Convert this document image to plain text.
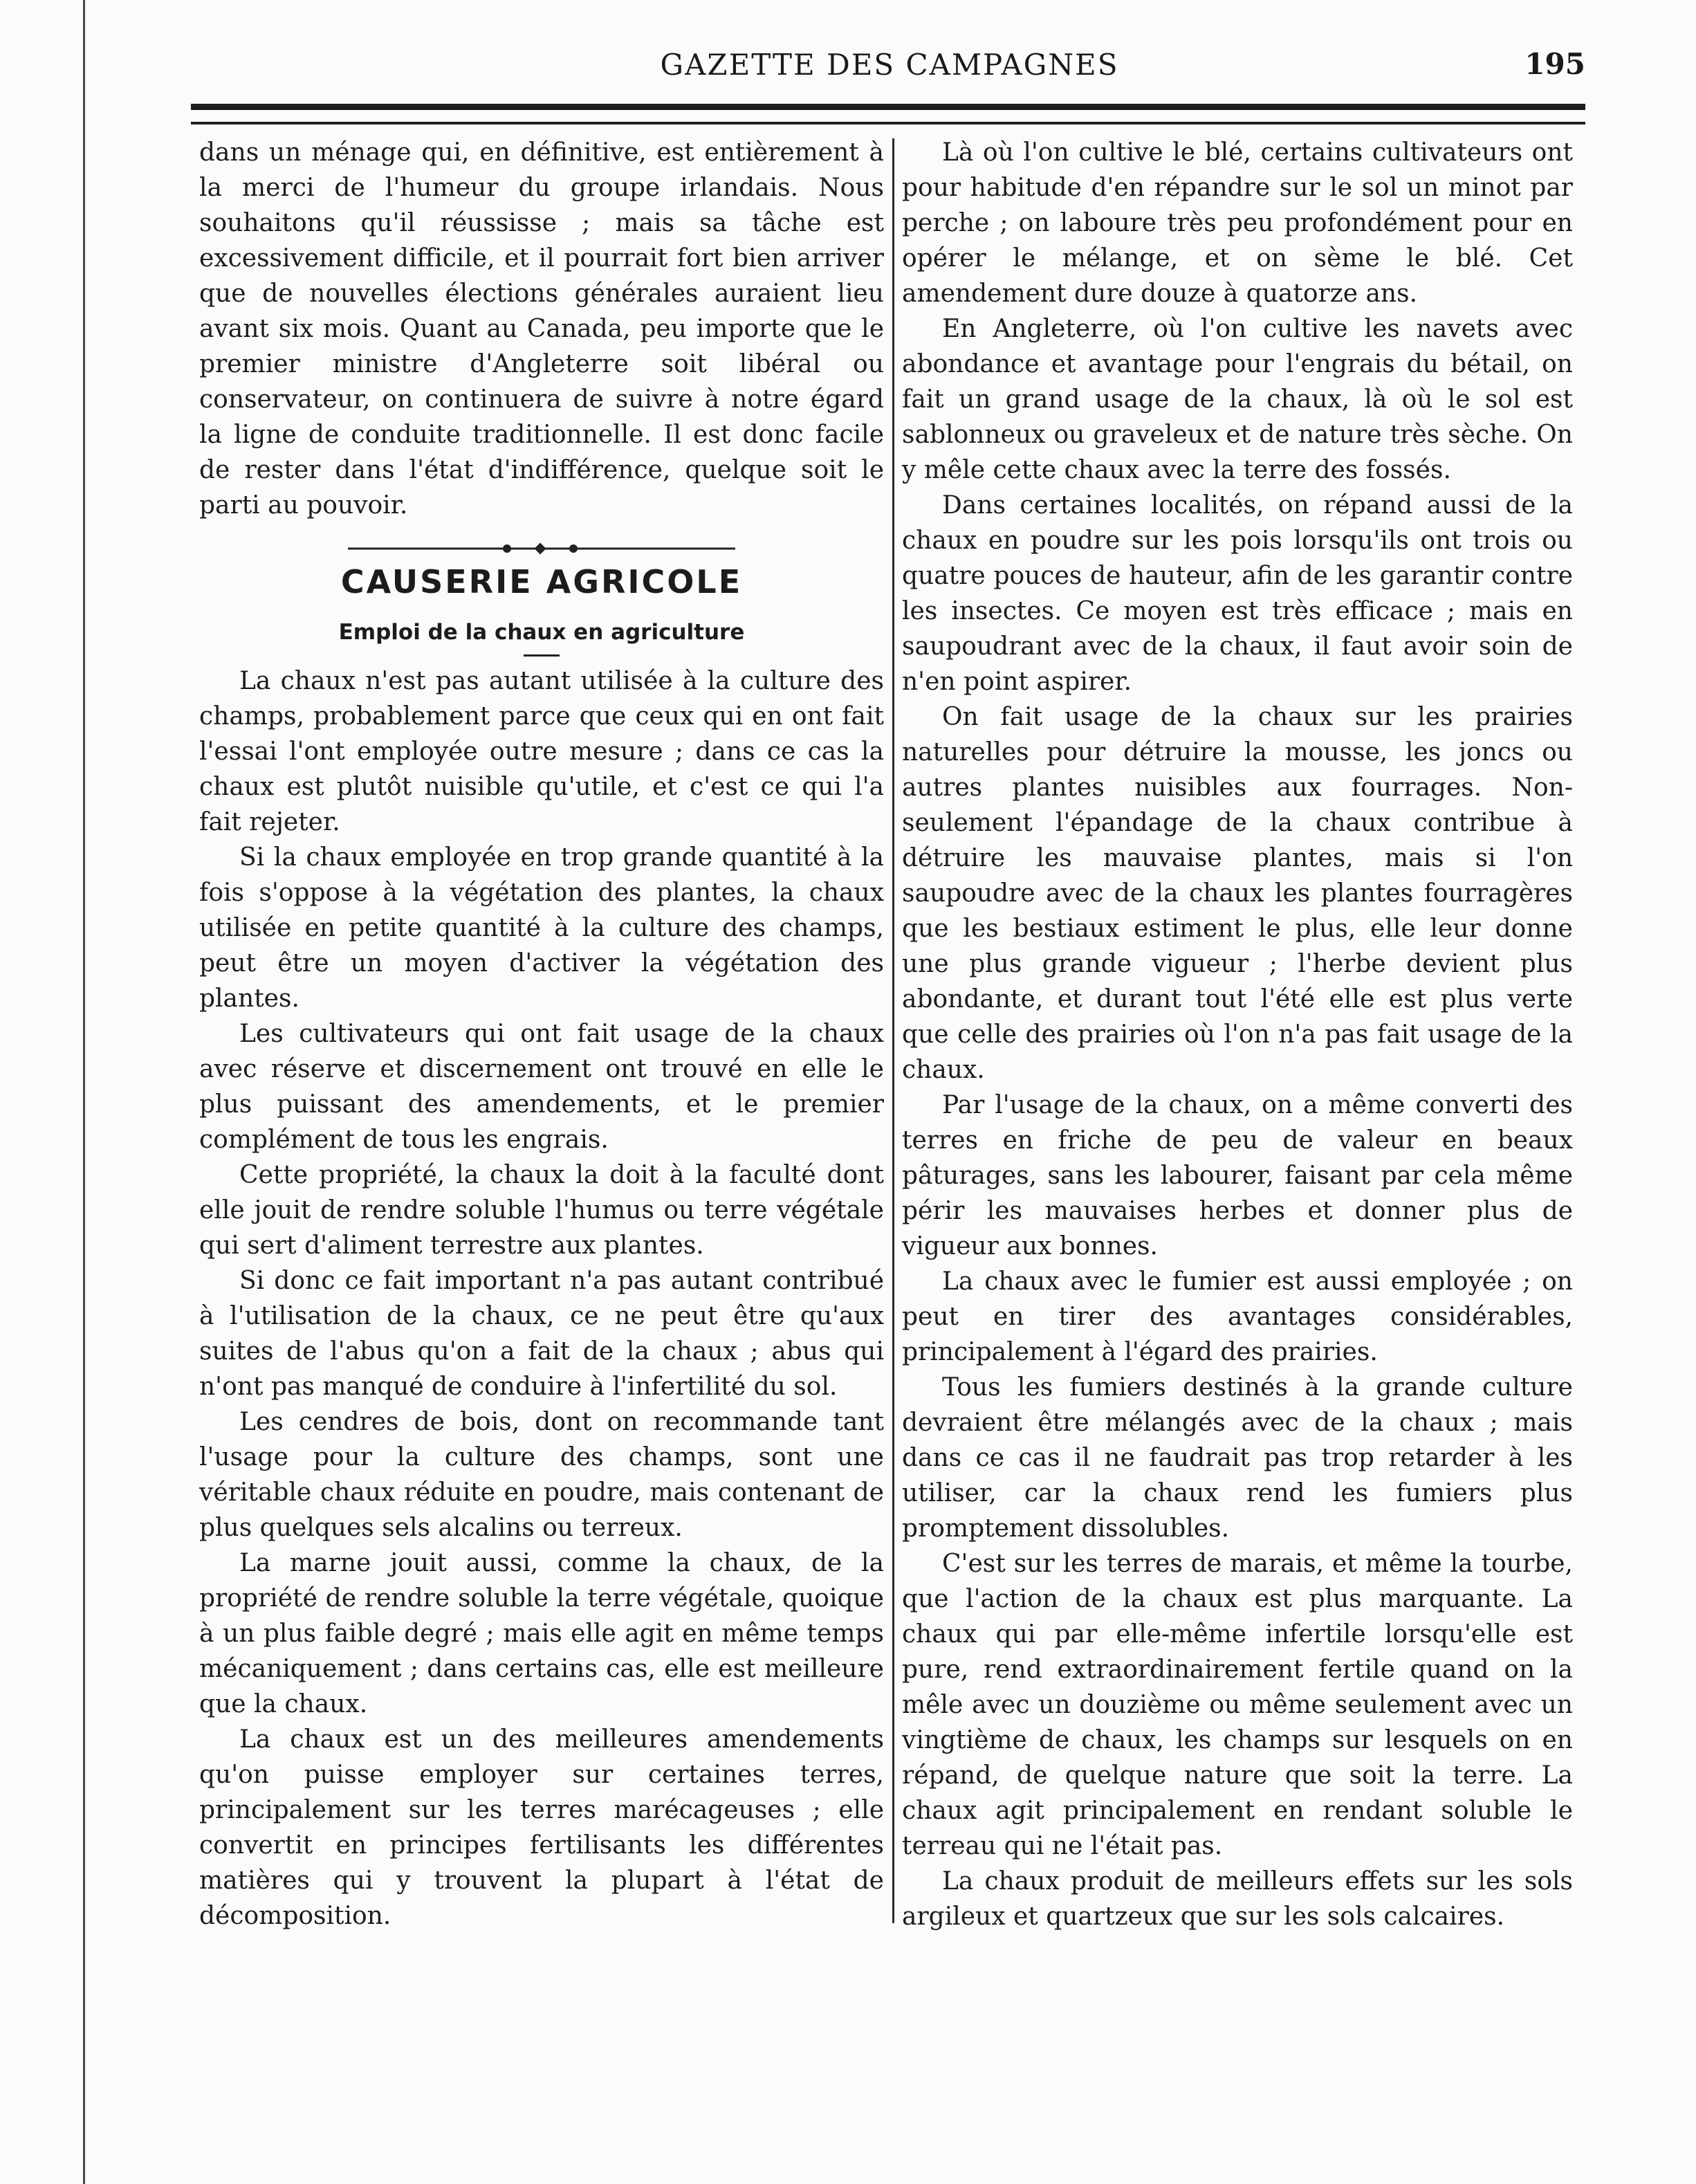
GAZETTE DES CAMPAGNES	195

dans un ménage qui, en définitive, est entièrement à la merci de l'humeur du groupe irlandais. Nous souhaitons qu'il réussisse ; mais sa tâche est excessivement difficile, et il pourrait fort bien arriver que de nouvelles élections générales auraient lieu avant six mois. Quant au Canada, peu importe que le premier ministre d'Angleterre soit libéral ou conservateur, on continuera de suivre à notre égard la ligne de conduite traditionnelle. Il est donc facile de rester dans l'état d'indifférence, quelque soit le parti au pouvoir.

CAUSERIE AGRICOLE
Emploi de la chaux en agriculture

La chaux n'est pas autant utilisée à la culture des champs, probablement parce que ceux qui en ont fait l'essai l'ont employée outre mesure ; dans ce cas la chaux est plutôt nuisible qu'utile, et c'est ce qui l'a fait rejeter.

Si la chaux employée en trop grande quantité à la fois s'oppose à la végétation des plantes, la chaux utilisée en petite quantité à la culture des champs, peut être un moyen d'activer la végétation des plantes.

Les cultivateurs qui ont fait usage de la chaux avec réserve et discernement ont trouvé en elle le plus puissant des amendements, et le premier complément de tous les engrais.

Cette propriété, la chaux la doit à la faculté dont elle jouit de rendre soluble l'humus ou terre végétale qui sert d'aliment terrestre aux plantes.

Si donc ce fait important n'a pas autant contribué à l'utilisation de la chaux, ce ne peut être qu'aux suites de l'abus qu'on a fait de la chaux ; abus qui n'ont pas manqué de conduire à l'infertilité du sol.

Les cendres de bois, dont on recommande tant l'usage pour la culture des champs, sont une véritable chaux réduite en poudre, mais contenant de plus quelques sels alcalins ou terreux.

La marne jouit aussi, comme la chaux, de la propriété de rendre soluble la terre végétale, quoique à un plus faible degré ; mais elle agit en même temps mécaniquement ; dans certains cas, elle est meilleure que la chaux.

La chaux est un des meilleures amendements qu'on puisse employer sur certaines terres, principalement sur les terres marécageuses ; elle convertit en principes fertilisants les différentes matières qui y trouvent la plupart à l'état de décomposition.

Là où l'on cultive le blé, certains cultivateurs ont pour habitude d'en répandre sur le sol un minot par perche ; on laboure très peu profondément pour en opérer le mélange, et on sème le blé. Cet amendement dure douze à quatorze ans.

En Angleterre, où l'on cultive les navets avec abondance et avantage pour l'engrais du bétail, on fait un grand usage de la chaux, là où le sol est sablonneux ou graveleux et de nature très sèche. On y mêle cette chaux avec la terre des fossés.

Dans certaines localités, on répand aussi de la chaux en poudre sur les pois lorsqu'ils ont trois ou quatre pouces de hauteur, afin de les garantir contre les insectes. Ce moyen est très efficace ; mais en saupoudrant avec de la chaux, il faut avoir soin de n'en point aspirer.

On fait usage de la chaux sur les prairies naturelles pour détruire la mousse, les joncs ou autres plantes nuisibles aux fourrages. Non-seulement l'épandage de la chaux contribue à détruire les mauvaise plantes, mais si l'on saupoudre avec de la chaux les plantes fourragères que les bestiaux estiment le plus, elle leur donne une plus grande vigueur ; l'herbe devient plus abondante, et durant tout l'été elle est plus verte que celle des prairies où l'on n'a pas fait usage de la chaux.

Par l'usage de la chaux, on a même converti des terres en friche de peu de valeur en beaux pâturages, sans les labourer, faisant par cela même périr les mauvaises herbes et donner plus de vigueur aux bonnes.

La chaux avec le fumier est aussi employée ; on peut en tirer des avantages considérables, principalement à l'égard des prairies.

Tous les fumiers destinés à la grande culture devraient être mélangés avec de la chaux ; mais dans ce cas il ne faudrait pas trop retarder à les utiliser, car la chaux rend les fumiers plus promptement dissolubles.

C'est sur les terres de marais, et même la tourbe, que l'action de la chaux est plus marquante. La chaux qui par elle-même infertile lorsqu'elle est pure, rend extraordinairement fertile quand on la mêle avec un douzième ou même seulement avec un vingtième de chaux, les champs sur lesquels on en répand, de quelque nature que soit la terre. La chaux agit principalement en rendant soluble le terreau qui ne l'était pas.

La chaux produit de meilleurs effets sur les sols argileux et quartzeux que sur les sols calcaires.
